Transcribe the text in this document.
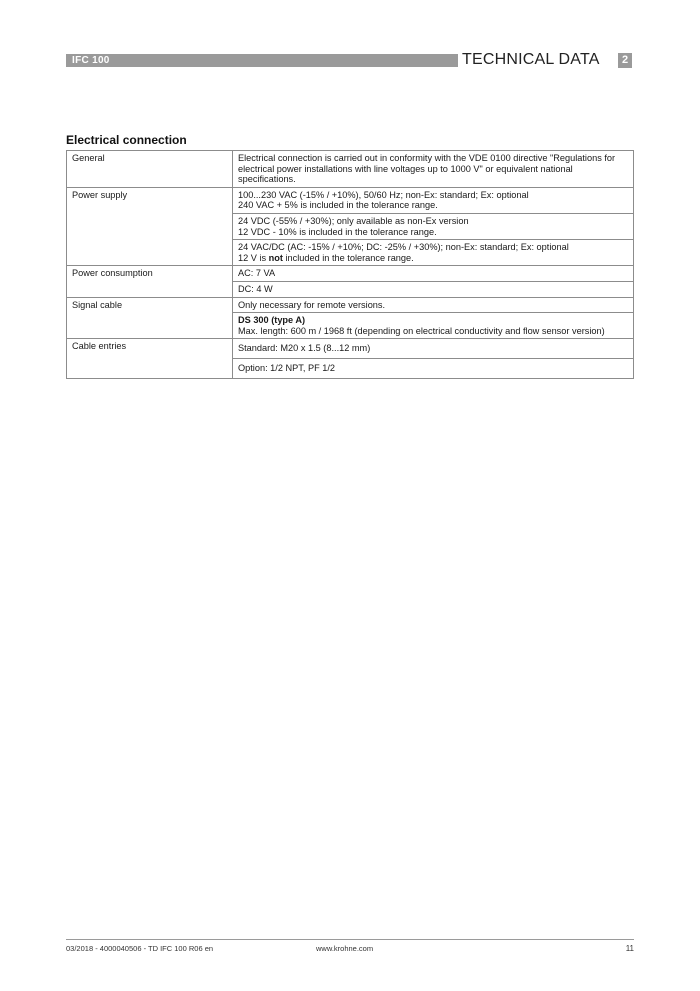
IFC 100	TECHNICAL DATA	2
Electrical connection
General	Electrical connection is carried out in conformity with the VDE 0100 directive "Regulations for electrical power installations with line voltages up to 1000 V" or equivalent national specifications.
Power supply	100...230 VAC (-15% / +10%), 50/60 Hz; non-Ex: standard; Ex: optional
240 VAC + 5% is included in the tolerance range.

	24 VDC (-55% / +30%); only available as non-Ex version
12 VDC - 10% is included in the tolerance range.

	24 VAC/DC (AC: -15% / +10%; DC: -25% / +30%); non-Ex: standard; Ex: optional
12 V is not included in the tolerance range.

Power consumption	AC: 7 VA
	DC: 4 W
Signal cable	Only necessary for remote versions.

	DS 300 (type A)
Max. length: 600 m / 1968 ft (depending on electrical conductivity and flow sensor version)

Cable entries	Standard: M20 x 1.5 (8...12 mm)
	Option: 1/2 NPT, PF 1/2
03/2018 - 4000040506 - TD IFC 100 R06 en	www.krohne.com	11
